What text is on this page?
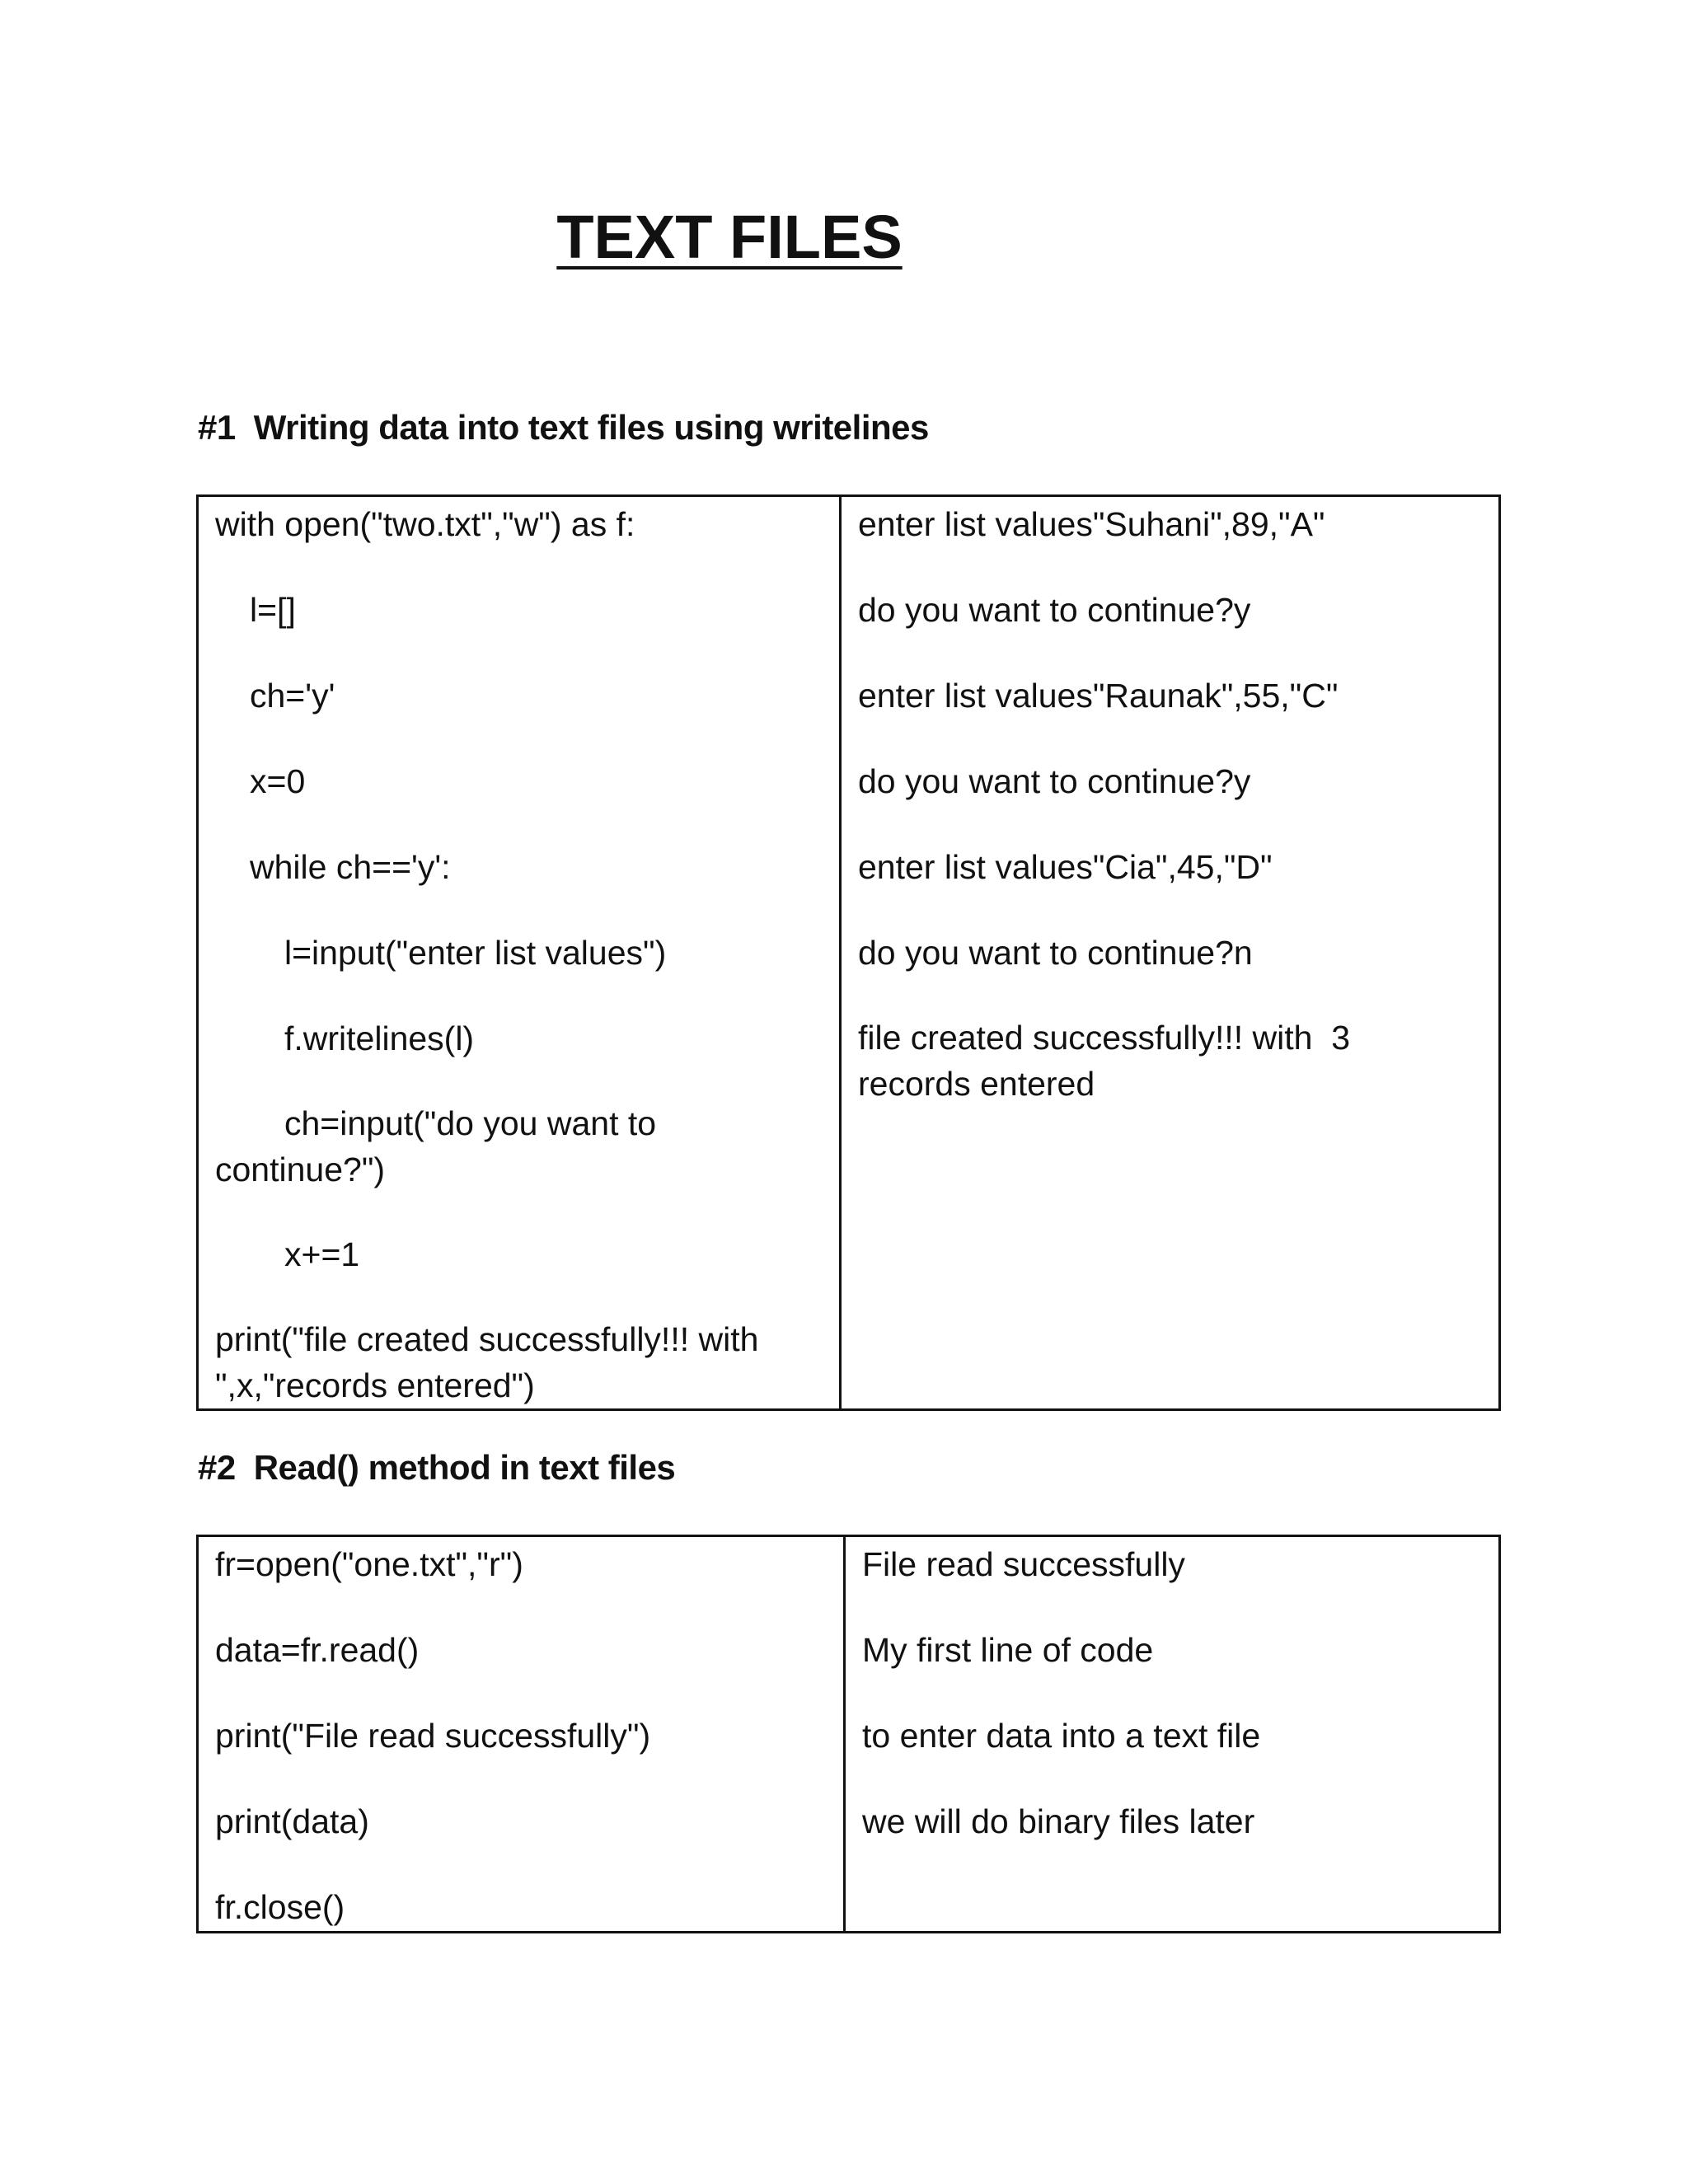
TEXT FILES
#1 Writing data into text files using writelines
with open("two.txt","w") as f:
l=[]
ch='y'
x=0
while ch=='y':
l=input("enter list values")
f.writelines(l)
ch=input("do you want to continue?")
x+=1
print("file created successfully!!! with ",x,"records entered")

enter list values"Suhani",89,"A"
do you want to continue?y
enter list values"Raunak",55,"C"
do you want to continue?y
enter list values"Cia",45,"D"
do you want to continue?n
file created successfully!!! with  3 records entered
#2 Read() method in text files
fr=open("one.txt","r")
data=fr.read()
print("File read successfully")
print(data)
fr.close()

File read successfully
My first line of code
to enter data into a text file
we will do binary files later
